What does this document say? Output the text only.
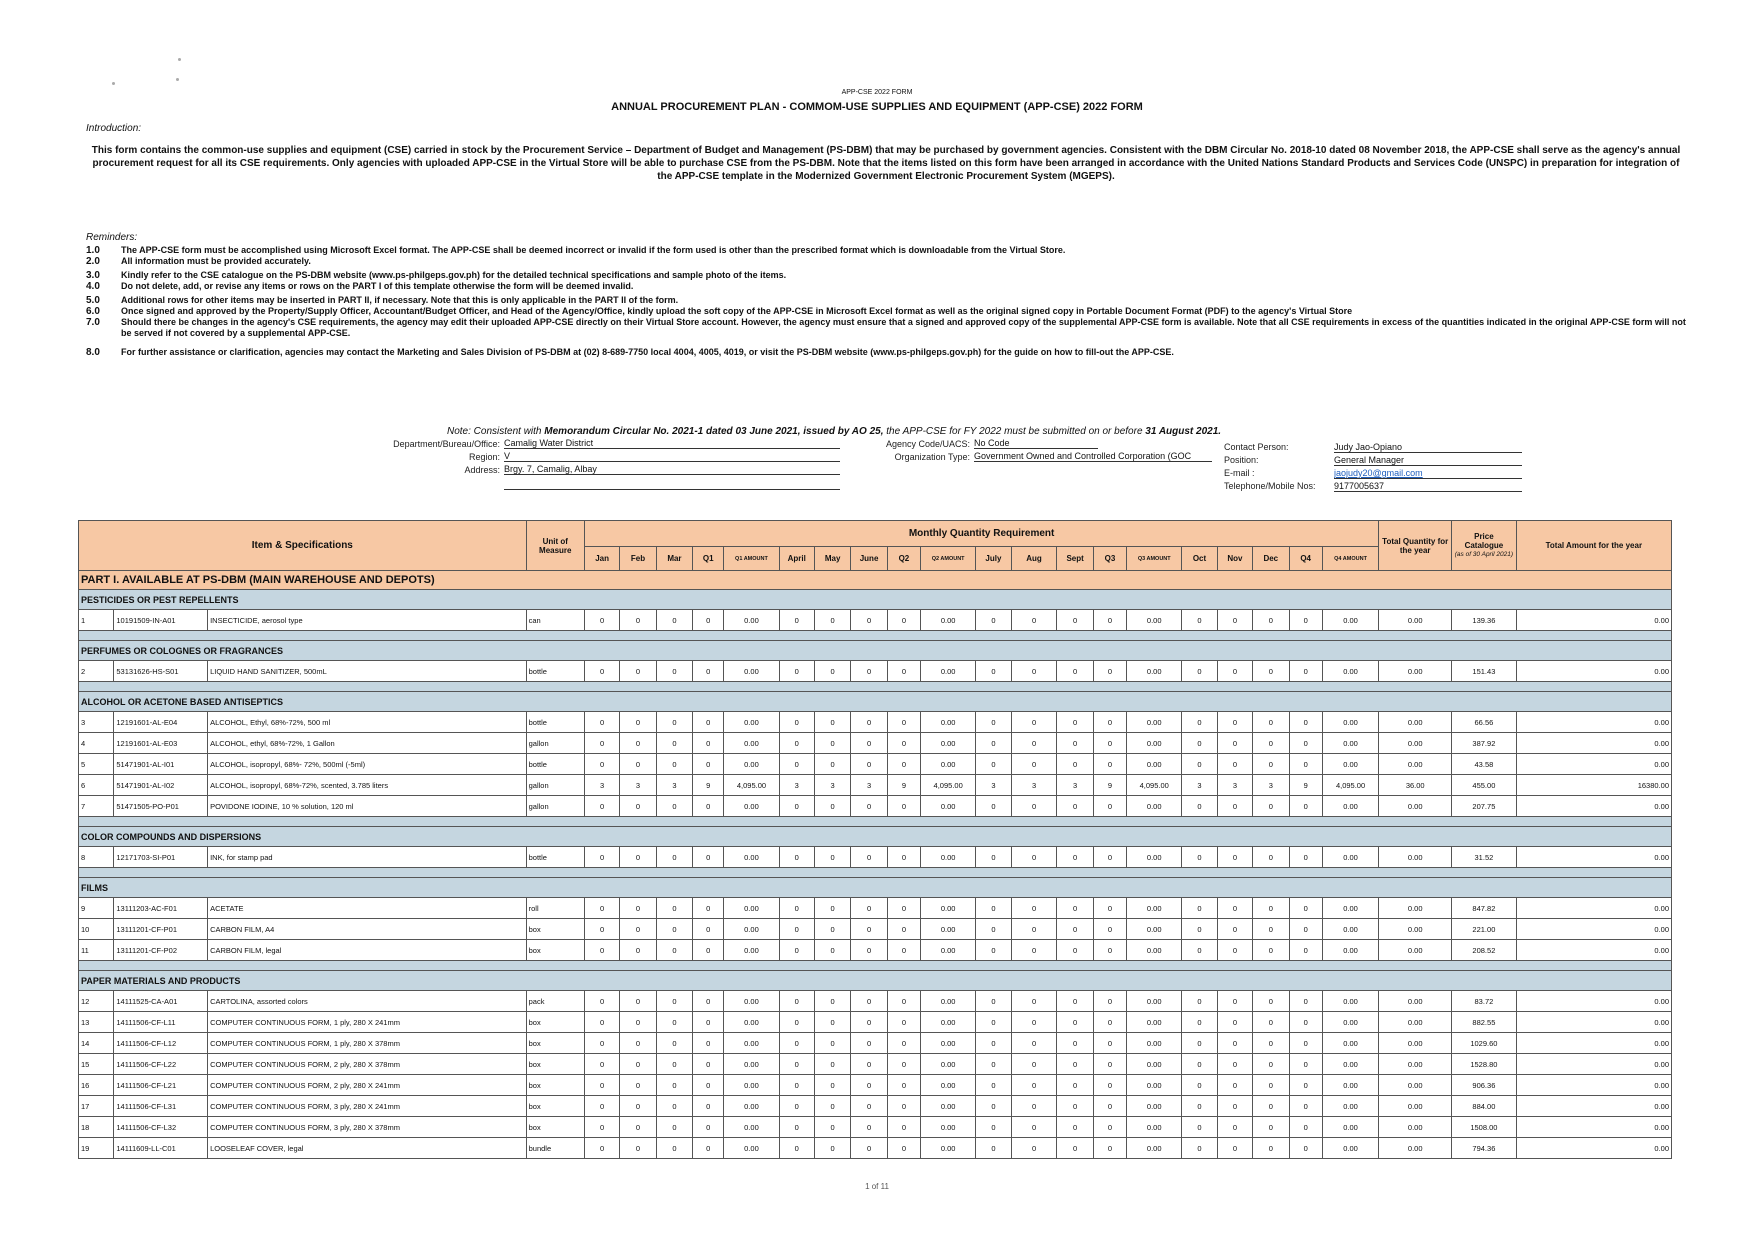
APP-CSE 2022 FORM
ANNUAL PROCUREMENT PLAN - COMMOM-USE SUPPLIES AND EQUIPMENT (APP-CSE) 2022 FORM
Introduction:
This form contains the common-use supplies and equipment (CSE) carried in stock by the Procurement Service – Department of Budget and Management (PS-DBM) that may be purchased by government agencies. Consistent with the DBM Circular No. 2018-10 dated 08 November 2018, the APP-CSE shall serve as the agency's annual procurement request for all its CSE requirements. Only agencies with uploaded APP-CSE in the Virtual Store will be able to purchase CSE from the PS-DBM. Note that the items listed on this form have been arranged in accordance with the United Nations Standard Products and Services Code (UNSPC) in preparation for integration of the APP-CSE template in the Modernized Government Electronic Procurement System (MGEPS).
Reminders:
1.0	The APP-CSE form must be accomplished using Microsoft Excel format. The APP-CSE shall be deemed incorrect or invalid if the form used is other than the prescribed format which is downloadable from the Virtual Store.
2.0	All information must be provided accurately.
3.0	Kindly refer to the CSE catalogue on the PS-DBM website (www.ps-philgeps.gov.ph) for the detailed technical specifications and sample photo of the items.
4.0	Do not delete, add, or revise any items or rows on the PART I of this template otherwise the form will be deemed invalid.
5.0	Additional rows for other items may be inserted in PART II, if necessary. Note that this is only applicable in the PART II of the form.
6.0	Once signed and approved by the Property/Supply Officer, Accountant/Budget Officer, and Head of the Agency/Office, kindly upload the soft copy of the APP-CSE in Microsoft Excel format as well as the original signed copy in Portable Document Format (PDF) to the agency's Virtual Store
7.0	Should there be changes in the agency's CSE requirements, the agency may edit their uploaded APP-CSE directly on their Virtual Store account. However, the agency must ensure that a signed and approved copy of the supplemental APP-CSE form is available. Note that all CSE requirements in excess of the quantities indicated in the original APP-CSE form will not be served if not covered by a supplemental APP-CSE.
8.0	For further assistance or clarification, agencies may contact the Marketing and Sales Division of PS-DBM at (02) 8-689-7750 local 4004, 4005, 4019, or visit the PS-DBM website (www.ps-philgeps.gov.ph) for the guide on how to fill-out the APP-CSE.
Note: Consistent with Memorandum Circular No. 2021-1 dated 03 June 2021, issued by AO 25, the APP-CSE for FY 2022 must be submitted on or before 31 August 2021.
Department/Bureau/Office: Camalig Water District
Region: V
Address: Brgy. 7, Camalig, Albay
Agency Code/UACS: No Code
Organization Type: Government Owned and Controlled Corporation (GOC
Contact Person:	Judy Jao-Opiano
Position:	General Manager
E-mail :	jaojudy20@gmail.com
Telephone/Mobile Nos: 9177005637
Item & Specifications			Unit of Measure	Monthly Quantity Requirement																				Total Quantity for the year	Price Catalogue
(as of 30 April 2021)	Total Amount for the year
				Jan	Feb	Mar	Q1	Q1 AMOUNT	April	May	June	Q2	Q2 AMOUNT	July	Aug	Sept	Q3	Q3 AMOUNT	Oct	Nov	Dec	Q4	Q4 AMOUNT			
PART I. AVAILABLE AT PS-DBM (MAIN WAREHOUSE AND DEPOTS)																										
PESTICIDES OR PEST REPELLENTS																										
1	10191509-IN-A01	INSECTICIDE, aerosol type	can	0	0	0	0	0.00	0	0	0	0	0.00	0	0	0	0	0.00	0	0	0	0	0.00	0.00	139.36	0.00

PERFUMES OR COLOGNES OR FRAGRANCES																										
2	53131626-HS-S01	LIQUID HAND SANITIZER, 500mL	bottle	0	0	0	0	0.00	0	0	0	0	0.00	0	0	0	0	0.00	0	0	0	0	0.00	0.00	151.43	0.00

ALCOHOL OR ACETONE BASED ANTISEPTICS																										
3	12191601-AL-E04	ALCOHOL, Ethyl, 68%-72%, 500 ml	bottle	0	0	0	0	0.00	0	0	0	0	0.00	0	0	0	0	0.00	0	0	0	0	0.00	0.00	66.56	0.00
4	12191601-AL-E03	ALCOHOL, ethyl, 68%-72%, 1 Gallon	gallon	0	0	0	0	0.00	0	0	0	0	0.00	0	0	0	0	0.00	0	0	0	0	0.00	0.00	387.92	0.00
5	51471901-AL-I01	ALCOHOL, isopropyl, 68%- 72%, 500ml (-5ml)	bottle	0	0	0	0	0.00	0	0	0	0	0.00	0	0	0	0	0.00	0	0	0	0	0.00	0.00	43.58	0.00
6	51471901-AL-I02	ALCOHOL, isopropyl, 68%-72%, scented, 3.785 liters	gallon	3	3	3	9	4,095.00	3	3	3	9	4,095.00	3	3	3	9	4,095.00	3	3	3	9	4,095.00	36.00	455.00	16380.00
7	51471505-PO-P01	POVIDONE IODINE, 10 % solution, 120 ml	gallon	0	0	0	0	0.00	0	0	0	0	0.00	0	0	0	0	0.00	0	0	0	0	0.00	0.00	207.75	0.00

COLOR COMPOUNDS AND DISPERSIONS																										
8	12171703-SI-P01	INK, for stamp pad	bottle	0	0	0	0	0.00	0	0	0	0	0.00	0	0	0	0	0.00	0	0	0	0	0.00	0.00	31.52	0.00

FILMS																										
9	13111203-AC-F01	ACETATE	roll	0	0	0	0	0.00	0	0	0	0	0.00	0	0	0	0	0.00	0	0	0	0	0.00	0.00	847.82	0.00
10	13111201-CF-P01	CARBON FILM, A4	box	0	0	0	0	0.00	0	0	0	0	0.00	0	0	0	0	0.00	0	0	0	0	0.00	0.00	221.00	0.00
11	13111201-CF-P02	CARBON FILM, legal	box	0	0	0	0	0.00	0	0	0	0	0.00	0	0	0	0	0.00	0	0	0	0	0.00	0.00	208.52	0.00

PAPER MATERIALS AND PRODUCTS																										
12	14111525-CA-A01	CARTOLINA, assorted colors	pack	0	0	0	0	0.00	0	0	0	0	0.00	0	0	0	0	0.00	0	0	0	0	0.00	0.00	83.72	0.00
13	14111506-CF-L11	COMPUTER CONTINUOUS FORM, 1 ply, 280 X 241mm	box	0	0	0	0	0.00	0	0	0	0	0.00	0	0	0	0	0.00	0	0	0	0	0.00	0.00	882.55	0.00
14	14111506-CF-L12	COMPUTER CONTINUOUS FORM, 1 ply, 280 X 378mm	box	0	0	0	0	0.00	0	0	0	0	0.00	0	0	0	0	0.00	0	0	0	0	0.00	0.00	1029.60	0.00
15	14111506-CF-L22	COMPUTER CONTINUOUS FORM, 2 ply, 280 X 378mm	box	0	0	0	0	0.00	0	0	0	0	0.00	0	0	0	0	0.00	0	0	0	0	0.00	0.00	1528.80	0.00
16	14111506-CF-L21	COMPUTER CONTINUOUS FORM, 2 ply, 280 X 241mm	box	0	0	0	0	0.00	0	0	0	0	0.00	0	0	0	0	0.00	0	0	0	0	0.00	0.00	906.36	0.00
17	14111506-CF-L31	COMPUTER CONTINUOUS FORM, 3 ply, 280 X 241mm	box	0	0	0	0	0.00	0	0	0	0	0.00	0	0	0	0	0.00	0	0	0	0	0.00	0.00	884.00	0.00
18	14111506-CF-L32	COMPUTER CONTINUOUS FORM, 3 ply, 280 X 378mm	box	0	0	0	0	0.00	0	0	0	0	0.00	0	0	0	0	0.00	0	0	0	0	0.00	0.00	1508.00	0.00
19	14111609-LL-C01	LOOSELEAF COVER, legal	bundle	0	0	0	0	0.00	0	0	0	0	0.00	0	0	0	0	0.00	0	0	0	0	0.00	0.00	794.36	0.00
1 of 11
